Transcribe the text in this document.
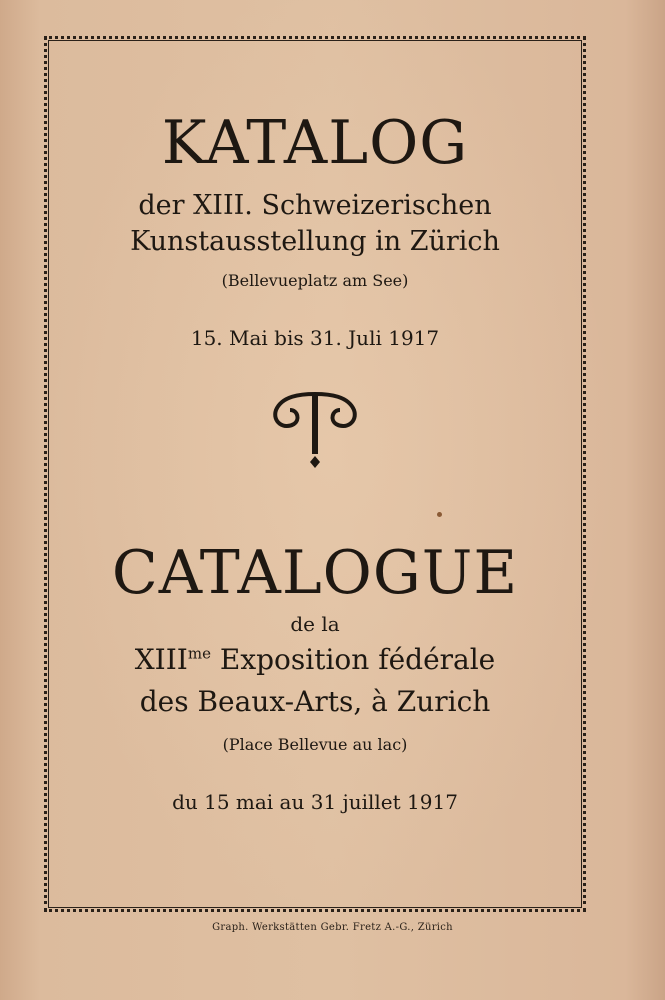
KATALOG
der XIII. Schweizerischen
Kunstausstellung in Zürich
(Bellevueplatz am See)
15. Mai bis 31. Juli 1917
CATALOGUE
de la
$XIII^{me}$ Exposition fédérale
des Beaux-Arts, à Zurich
(Place Bellevue au lac)
du 15 mai au 31 juillet 1917
Graph. Werkstätten Gebr. Fretz A.-G., Zürich
